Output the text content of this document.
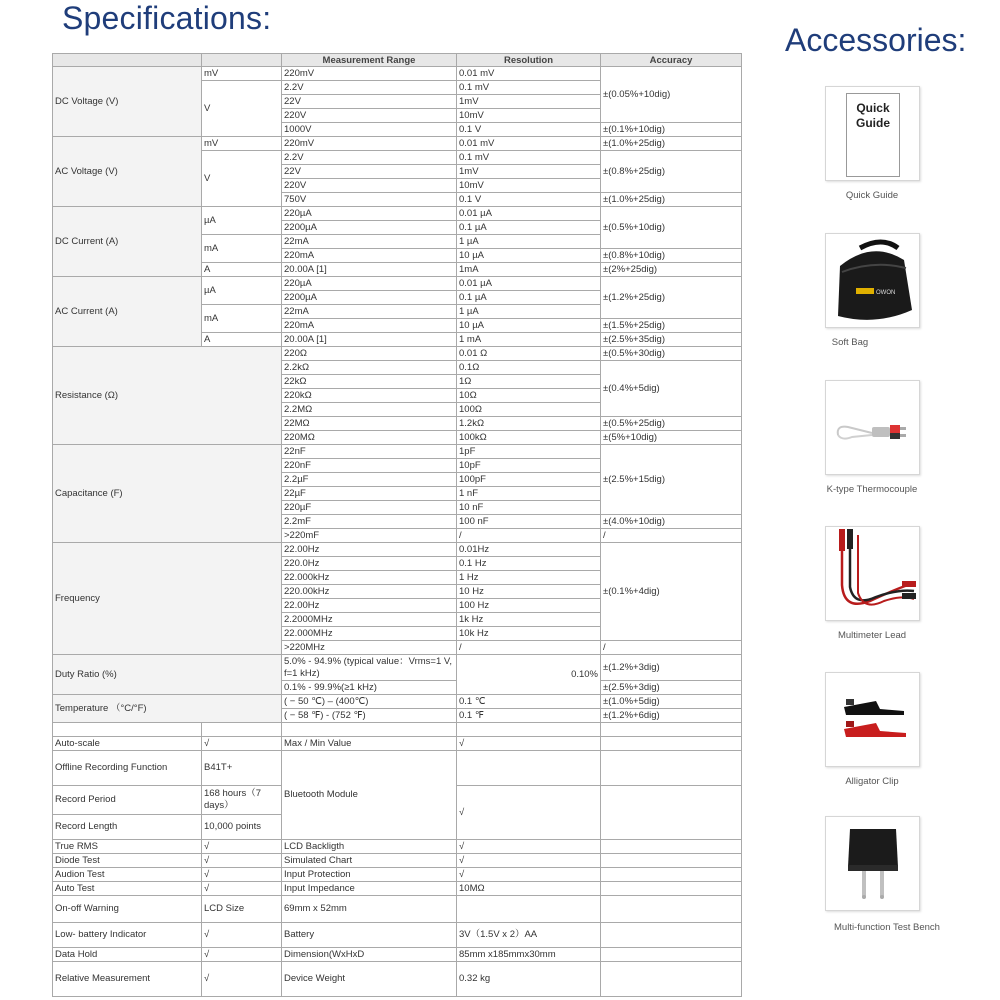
Specifications:
Accessories:
		Measurement Range	Resolution	Accuracy
DC Voltage (V)	mV	220mV	0.01 mV	±(0.05%+10dig)
	V	2.2V	0.1 mV	
		22V	1mV	
		220V	10mV	
		1000V	0.1 V	±(0.1%+10dig)
AC Voltage (V)	mV	220mV	0.01 mV	±(1.0%+25dig)
	V	2.2V	0.1 mV	±(0.8%+25dig)
		22V	1mV	
		220V	10mV	
		750V	0.1 V	±(1.0%+25dig)
DC Current (A)	µA	220µA	0.01 µA	±(0.5%+10dig)
		2200µA	0.1 µA	
	mA	22mA	1 µA	
		220mA	10 µA	±(0.8%+10dig)
	A	20.00A [1]	1mA	±(2%+25dig)
AC Current (A)	µA	220µA	0.01 µA	±(1.2%+25dig)
		2200µA	0.1 µA	
	mA	22mA	1 µA	
		220mA	10 µA	±(1.5%+25dig)
	A	20.00A [1]	1 mA	±(2.5%+35dig)
Resistance (Ω)		220Ω	0.01 Ω	±(0.5%+30dig)
		2.2kΩ	0.1Ω	±(0.4%+5dig)
		22kΩ	1Ω	
		220kΩ	10Ω	
		2.2MΩ	100Ω	
		22MΩ	1.2kΩ	±(0.5%+25dig)
		220MΩ	100kΩ	±(5%+10dig)
Capacitance (F)		22nF	1pF	±(2.5%+15dig)
		220nF	10pF	
		2.2µF	100pF	
		22µF	1 nF	
		220µF	10 nF	
		2.2mF	100 nF	±(4.0%+10dig)
		>220mF	/	/
Frequency		22.00Hz	0.01Hz	±(0.1%+4dig)
		220.0Hz	0.1 Hz	
		22.000kHz	1 Hz	
		220.00kHz	10 Hz	
		22.00Hz	100 Hz	
		2.2000MHz	1k Hz	
		22.000MHz	10k Hz	
		>220MHz	/	/
Duty Ratio (%)		5.0% - 94.9% (typical value：Vrms=1 V, f=1 kHz)	0.10%	±(1.2%+3dig)
		0.1% - 99.9%(≥1 kHz)		±(2.5%+3dig)
Temperature （°C/°F)		( − 50 ℃) – (400℃)	0.1 ℃	±(1.0%+5dig)
		( − 58 ℉) - (752 ℉)	0.1 ℉	±(1.2%+6dig)

Auto-scale	√	Max / Min Value	√	
Offline Recording Function	B41T+	Bluetooth Module		
Record Period	168 hours（7 days）		√	
Record Length	10,000 points			
True RMS	√	LCD Backligth	√	
Diode Test	√	Simulated Chart	√	
Audion Test	√	Input Protection	√	
Auto Test	√	Input Impedance	10MΩ	
On-off Warning	LCD Size	69mm x 52mm		
Low- battery Indicator	√	Battery	3V（1.5V x 2）AA	
Data Hold	√	Dimension(WxHxD	85mm x185mmx30mm	
Relative Measurement	√	Device Weight	0.32 kg	
Quick Guide
Quick Guide
OWON
Soft Bag
K-type Thermocouple
Multimeter Lead
Alligator Clip
Multi-function Test Bench
